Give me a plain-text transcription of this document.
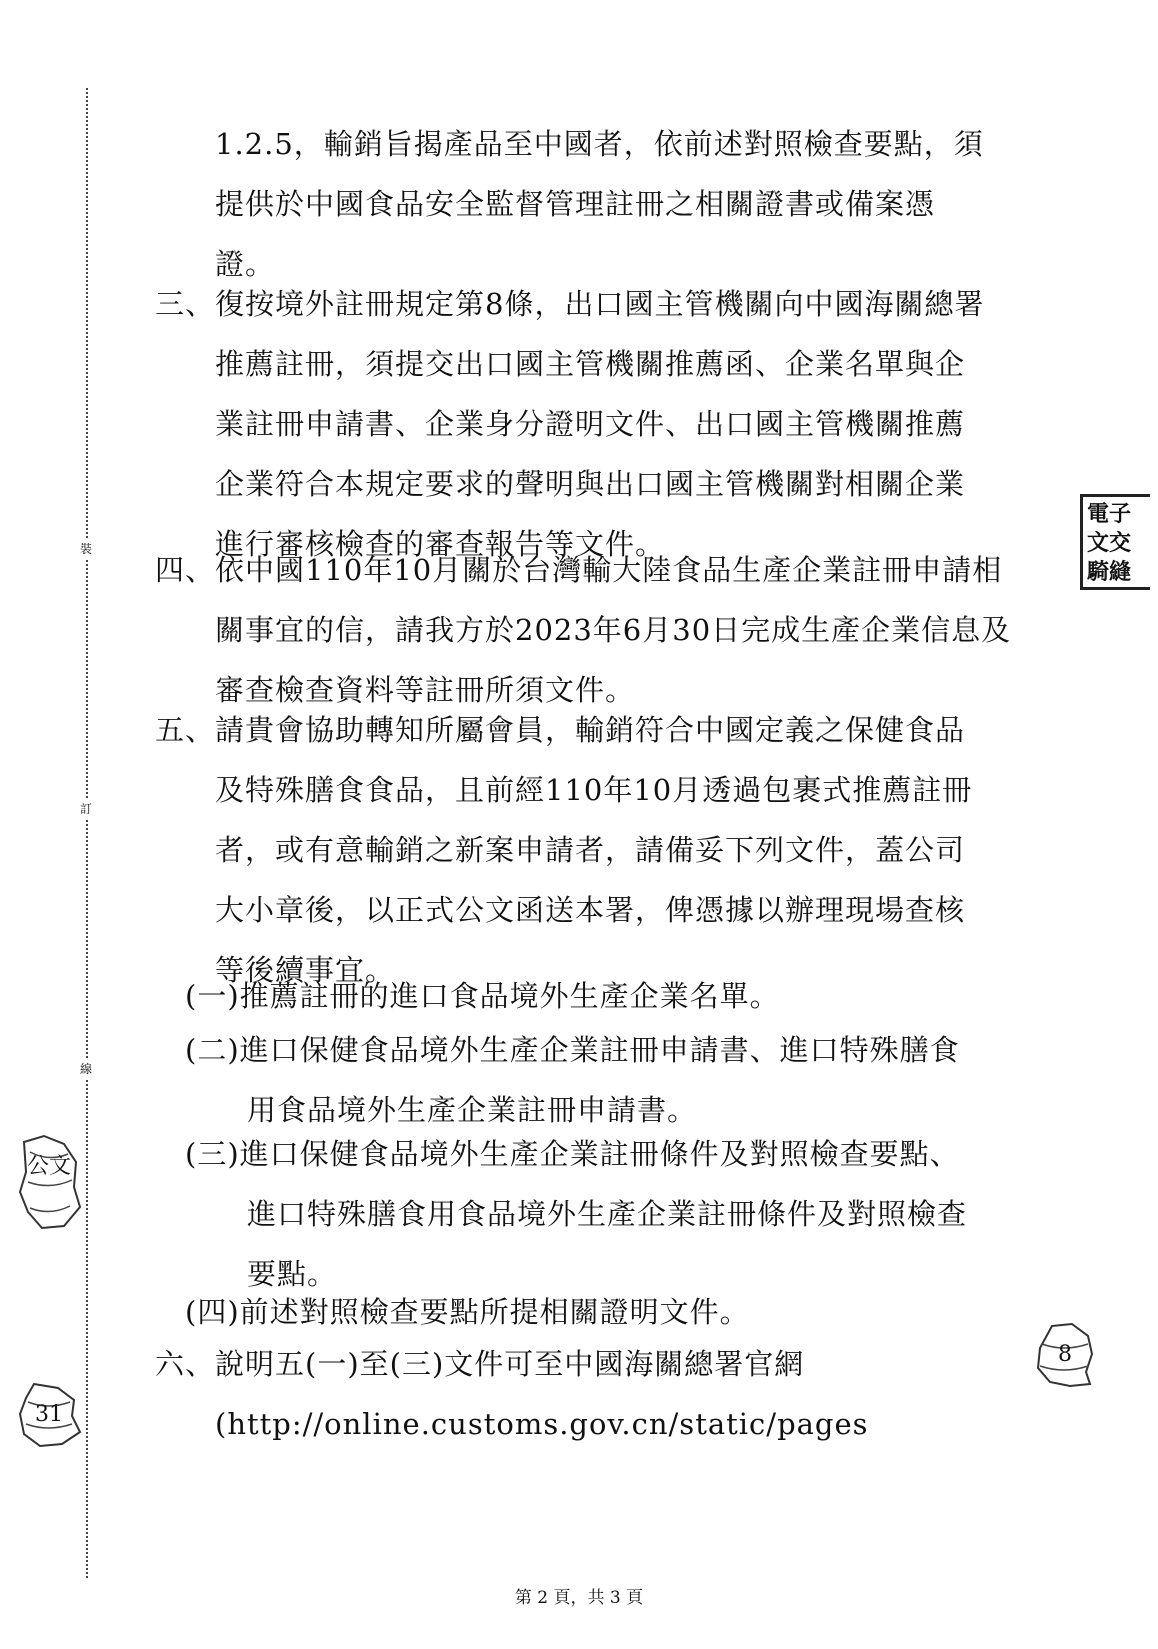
裝
訂
線
1.2.5，輸銷旨揭產品至中國者，依前述對照檢查要點，須
提供於中國食品安全監督管理註冊之相關證書或備案憑
證。
三、復按境外註冊規定第8條，出口國主管機關向中國海關總署
推薦註冊，須提交出口國主管機關推薦函、企業名單與企
業註冊申請書、企業身分證明文件、出口國主管機關推薦
企業符合本規定要求的聲明與出口國主管機關對相關企業
進行審核檢查的審查報告等文件。
四、依中國110年10月關於台灣輸大陸食品生產企業註冊申請相
關事宜的信，請我方於2023年6月30日完成生產企業信息及
審查檢查資料等註冊所須文件。
五、請貴會協助轉知所屬會員，輸銷符合中國定義之保健食品
及特殊膳食食品，且前經110年10月透過包裹式推薦註冊
者，或有意輸銷之新案申請者，請備妥下列文件，蓋公司
大小章後，以正式公文函送本署，俾憑據以辦理現場查核
等後續事宜。
(一)推薦註冊的進口食品境外生產企業名單。
(二)進口保健食品境外生產企業註冊申請書、進口特殊膳食
用食品境外生產企業註冊申請書。
(三)進口保健食品境外生產企業註冊條件及對照檢查要點、
進口特殊膳食用食品境外生產企業註冊條件及對照檢查
要點。
(四)前述對照檢查要點所提相關證明文件。
六、說明五(一)至(三)文件可至中國海關總署官網
(http://online.customs.gov.cn/static/pages
電子
文交
騎縫
公文
31
8
第 2 頁，共 3 頁
